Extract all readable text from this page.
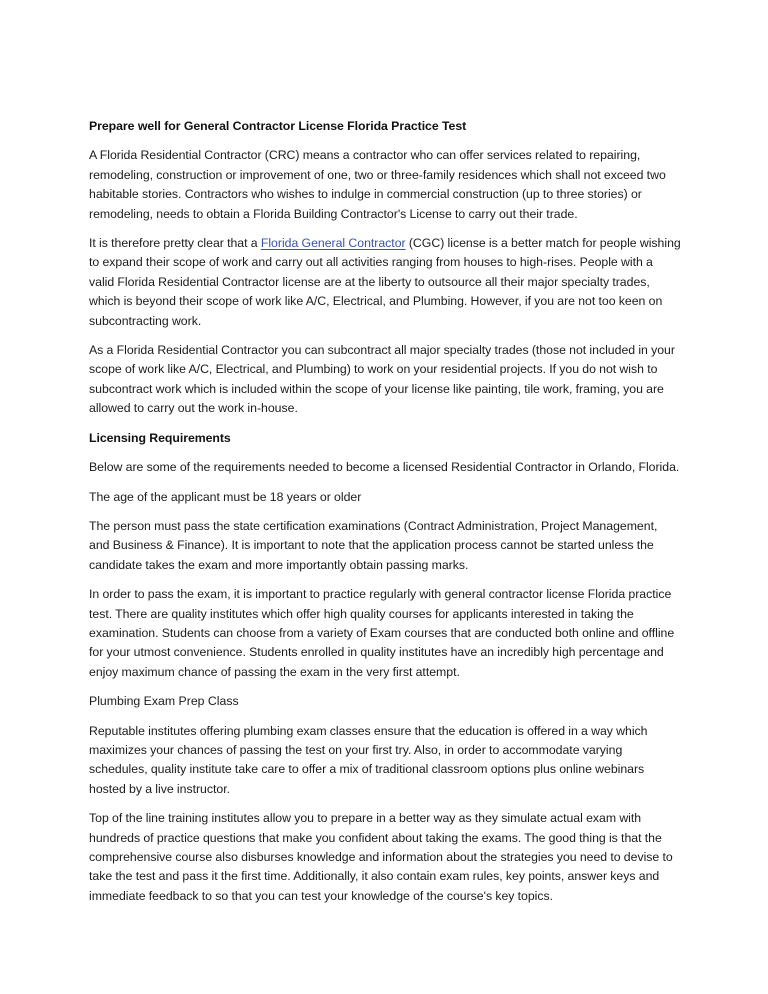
Prepare well for General Contractor License Florida Practice Test

A Florida Residential Contractor (CRC) means a contractor who can offer services related to repairing, remodeling, construction or improvement of one, two or three-family residences which shall not exceed two habitable stories. Contractors who wishes to indulge in commercial construction (up to three stories) or remodeling, needs to obtain a Florida Building Contractor's License to carry out their trade.

It is therefore pretty clear that a Florida General Contractor (CGC) license is a better match for people wishing to expand their scope of work and carry out all activities ranging from houses to high-rises. People with a valid Florida Residential Contractor license are at the liberty to outsource all their major specialty trades, which is beyond their scope of work like A/C, Electrical, and Plumbing. However, if you are not too keen on subcontracting work.

As a Florida Residential Contractor you can subcontract all major specialty trades (those not included in your scope of work like A/C, Electrical, and Plumbing) to work on your residential projects. If you do not wish to subcontract work which is included within the scope of your license like painting, tile work, framing, you are allowed to carry out the work in-house.

Licensing Requirements

Below are some of the requirements needed to become a licensed Residential Contractor in Orlando, Florida.

The age of the applicant must be 18 years or older

The person must pass the state certification examinations (Contract Administration, Project Management, and Business & Finance). It is important to note that the application process cannot be started unless the candidate takes the exam and more importantly obtain passing marks.

In order to pass the exam, it is important to practice regularly with general contractor license Florida practice test. There are quality institutes which offer high quality courses for applicants interested in taking the examination. Students can choose from a variety of Exam courses that are conducted both online and offline for your utmost convenience. Students enrolled in quality institutes have an incredibly high percentage and enjoy maximum chance of passing the exam in the very first attempt.

Plumbing Exam Prep Class

Reputable institutes offering plumbing exam classes ensure that the education is offered in a way which maximizes your chances of passing the test on your first try. Also, in order to accommodate varying schedules, quality institute take care to offer a mix of traditional classroom options plus online webinars hosted by a live instructor.

Top of the line training institutes allow you to prepare in a better way as they simulate actual exam with hundreds of practice questions that make you confident about taking the exams. The good thing is that the comprehensive course also disburses knowledge and information about the strategies you need to devise to take the test and pass it the first time. Additionally, it also contain exam rules, key points, answer keys and immediate feedback to so that you can test your knowledge of the course's key topics.
